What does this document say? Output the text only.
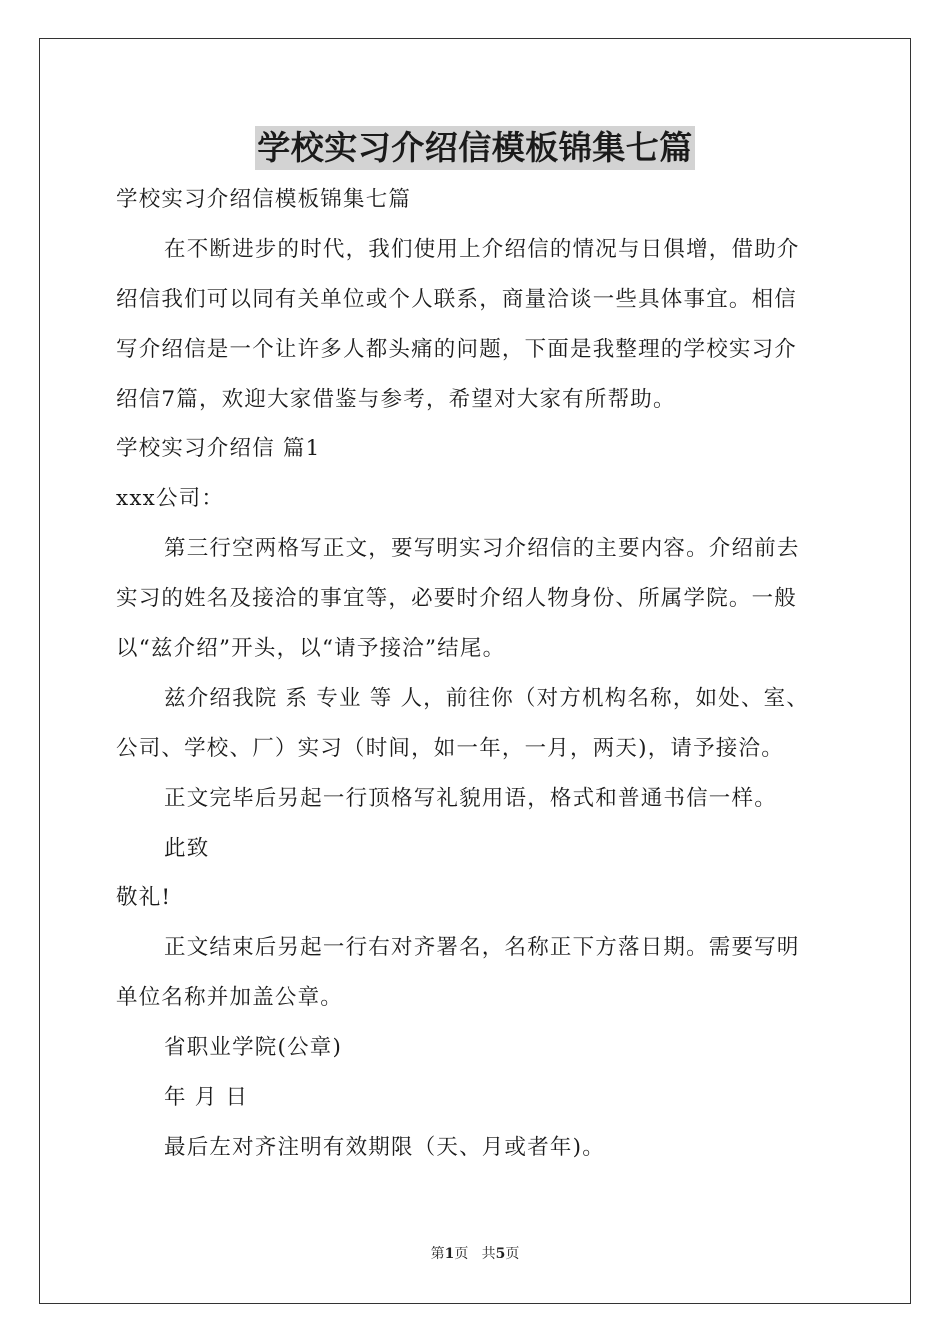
学校实习介绍信模板锦集七篇
学校实习介绍信模板锦集七篇
在不断进步的时代，我们使用上介绍信的情况与日俱增，借助介
绍信我们可以同有关单位或个人联系，商量洽谈一些具体事宜。相信
写介绍信是一个让许多人都头痛的问题，下面是我整理的学校实习介
绍信7篇，欢迎大家借鉴与参考，希望对大家有所帮助。
学校实习介绍信 篇1
xxx公司：
第三行空两格写正文，要写明实习介绍信的主要内容。介绍前去
实习的姓名及接洽的事宜等，必要时介绍人物身份、所属学院。一般
以“兹介绍”开头，以“请予接洽”结尾。
兹介绍我院 系 专业 等 人，前往你（对方机构名称，如处、室、
公司、学校、厂）实习（时间，如一年，一月，两天)，请予接洽。
正文完毕后另起一行顶格写礼貌用语，格式和普通书信一样。
此致
敬礼!
正文结束后另起一行右对齐署名，名称正下方落日期。需要写明
单位名称并加盖公章。
省职业学院(公章)
年 月 日
最后左对齐注明有效期限（天、月或者年)。
第1页 共5页
